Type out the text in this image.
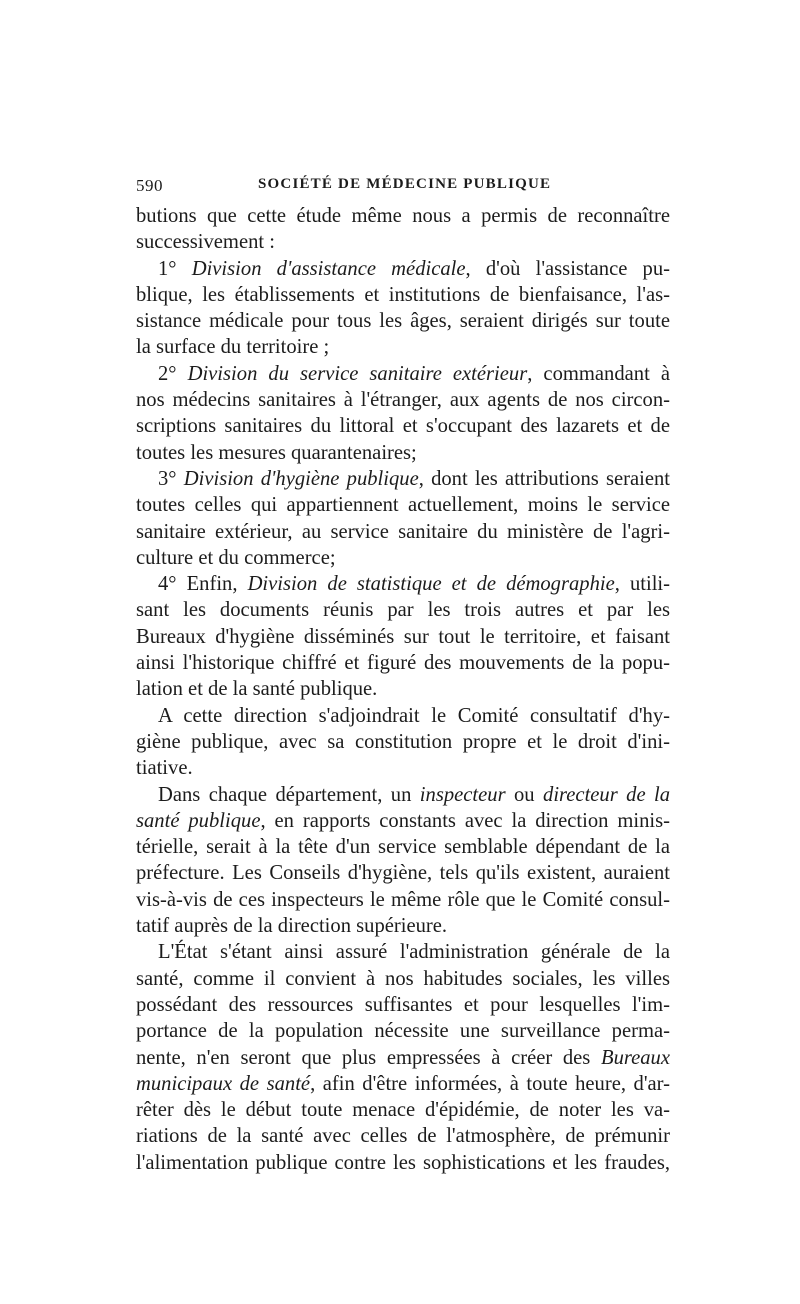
590	SOCIÉTÉ DE MÉDECINE PUBLIQUE
butions que cette étude même nous a permis de reconnaître
successivement :
1° Division d'assistance médicale, d'où l'assistance pu-
blique, les établissements et institutions de bienfaisance, l'as-
sistance médicale pour tous les âges, seraient dirigés sur toute
la surface du territoire ;
2° Division du service sanitaire extérieur, commandant à
nos médecins sanitaires à l'étranger, aux agents de nos circon-
scriptions sanitaires du littoral et s'occupant des lazarets et de
toutes les mesures quarantenaires;
3° Division d'hygiène publique, dont les attributions seraient
toutes celles qui appartiennent actuellement, moins le service
sanitaire extérieur, au service sanitaire du ministère de l'agri-
culture et du commerce;
4° Enfin, Division de statistique et de démographie, utili-
sant les documents réunis par les trois autres et par les
Bureaux d'hygiène disséminés sur tout le territoire, et faisant
ainsi l'historique chiffré et figuré des mouvements de la popu-
lation et de la santé publique.
A cette direction s'adjoindrait le Comité consultatif d'hy-
giène publique, avec sa constitution propre et le droit d'ini-
tiative.
Dans chaque département, un inspecteur ou directeur de la
santé publique, en rapports constants avec la direction minis-
térielle, serait à la tête d'un service semblable dépendant de la
préfecture. Les Conseils d'hygiène, tels qu'ils existent, auraient
vis-à-vis de ces inspecteurs le même rôle que le Comité consul-
tatif auprès de la direction supérieure.
L'État s'étant ainsi assuré l'administration générale de la
santé, comme il convient à nos habitudes sociales, les villes
possédant des ressources suffisantes et pour lesquelles l'im-
portance de la population nécessite une surveillance perma-
nente, n'en seront que plus empressées à créer des Bureaux
municipaux de santé, afin d'être informées, à toute heure, d'ar-
rêter dès le début toute menace d'épidémie, de noter les va-
riations de la santé avec celles de l'atmosphère, de prémunir
l'alimentation publique contre les sophistications et les fraudes,
